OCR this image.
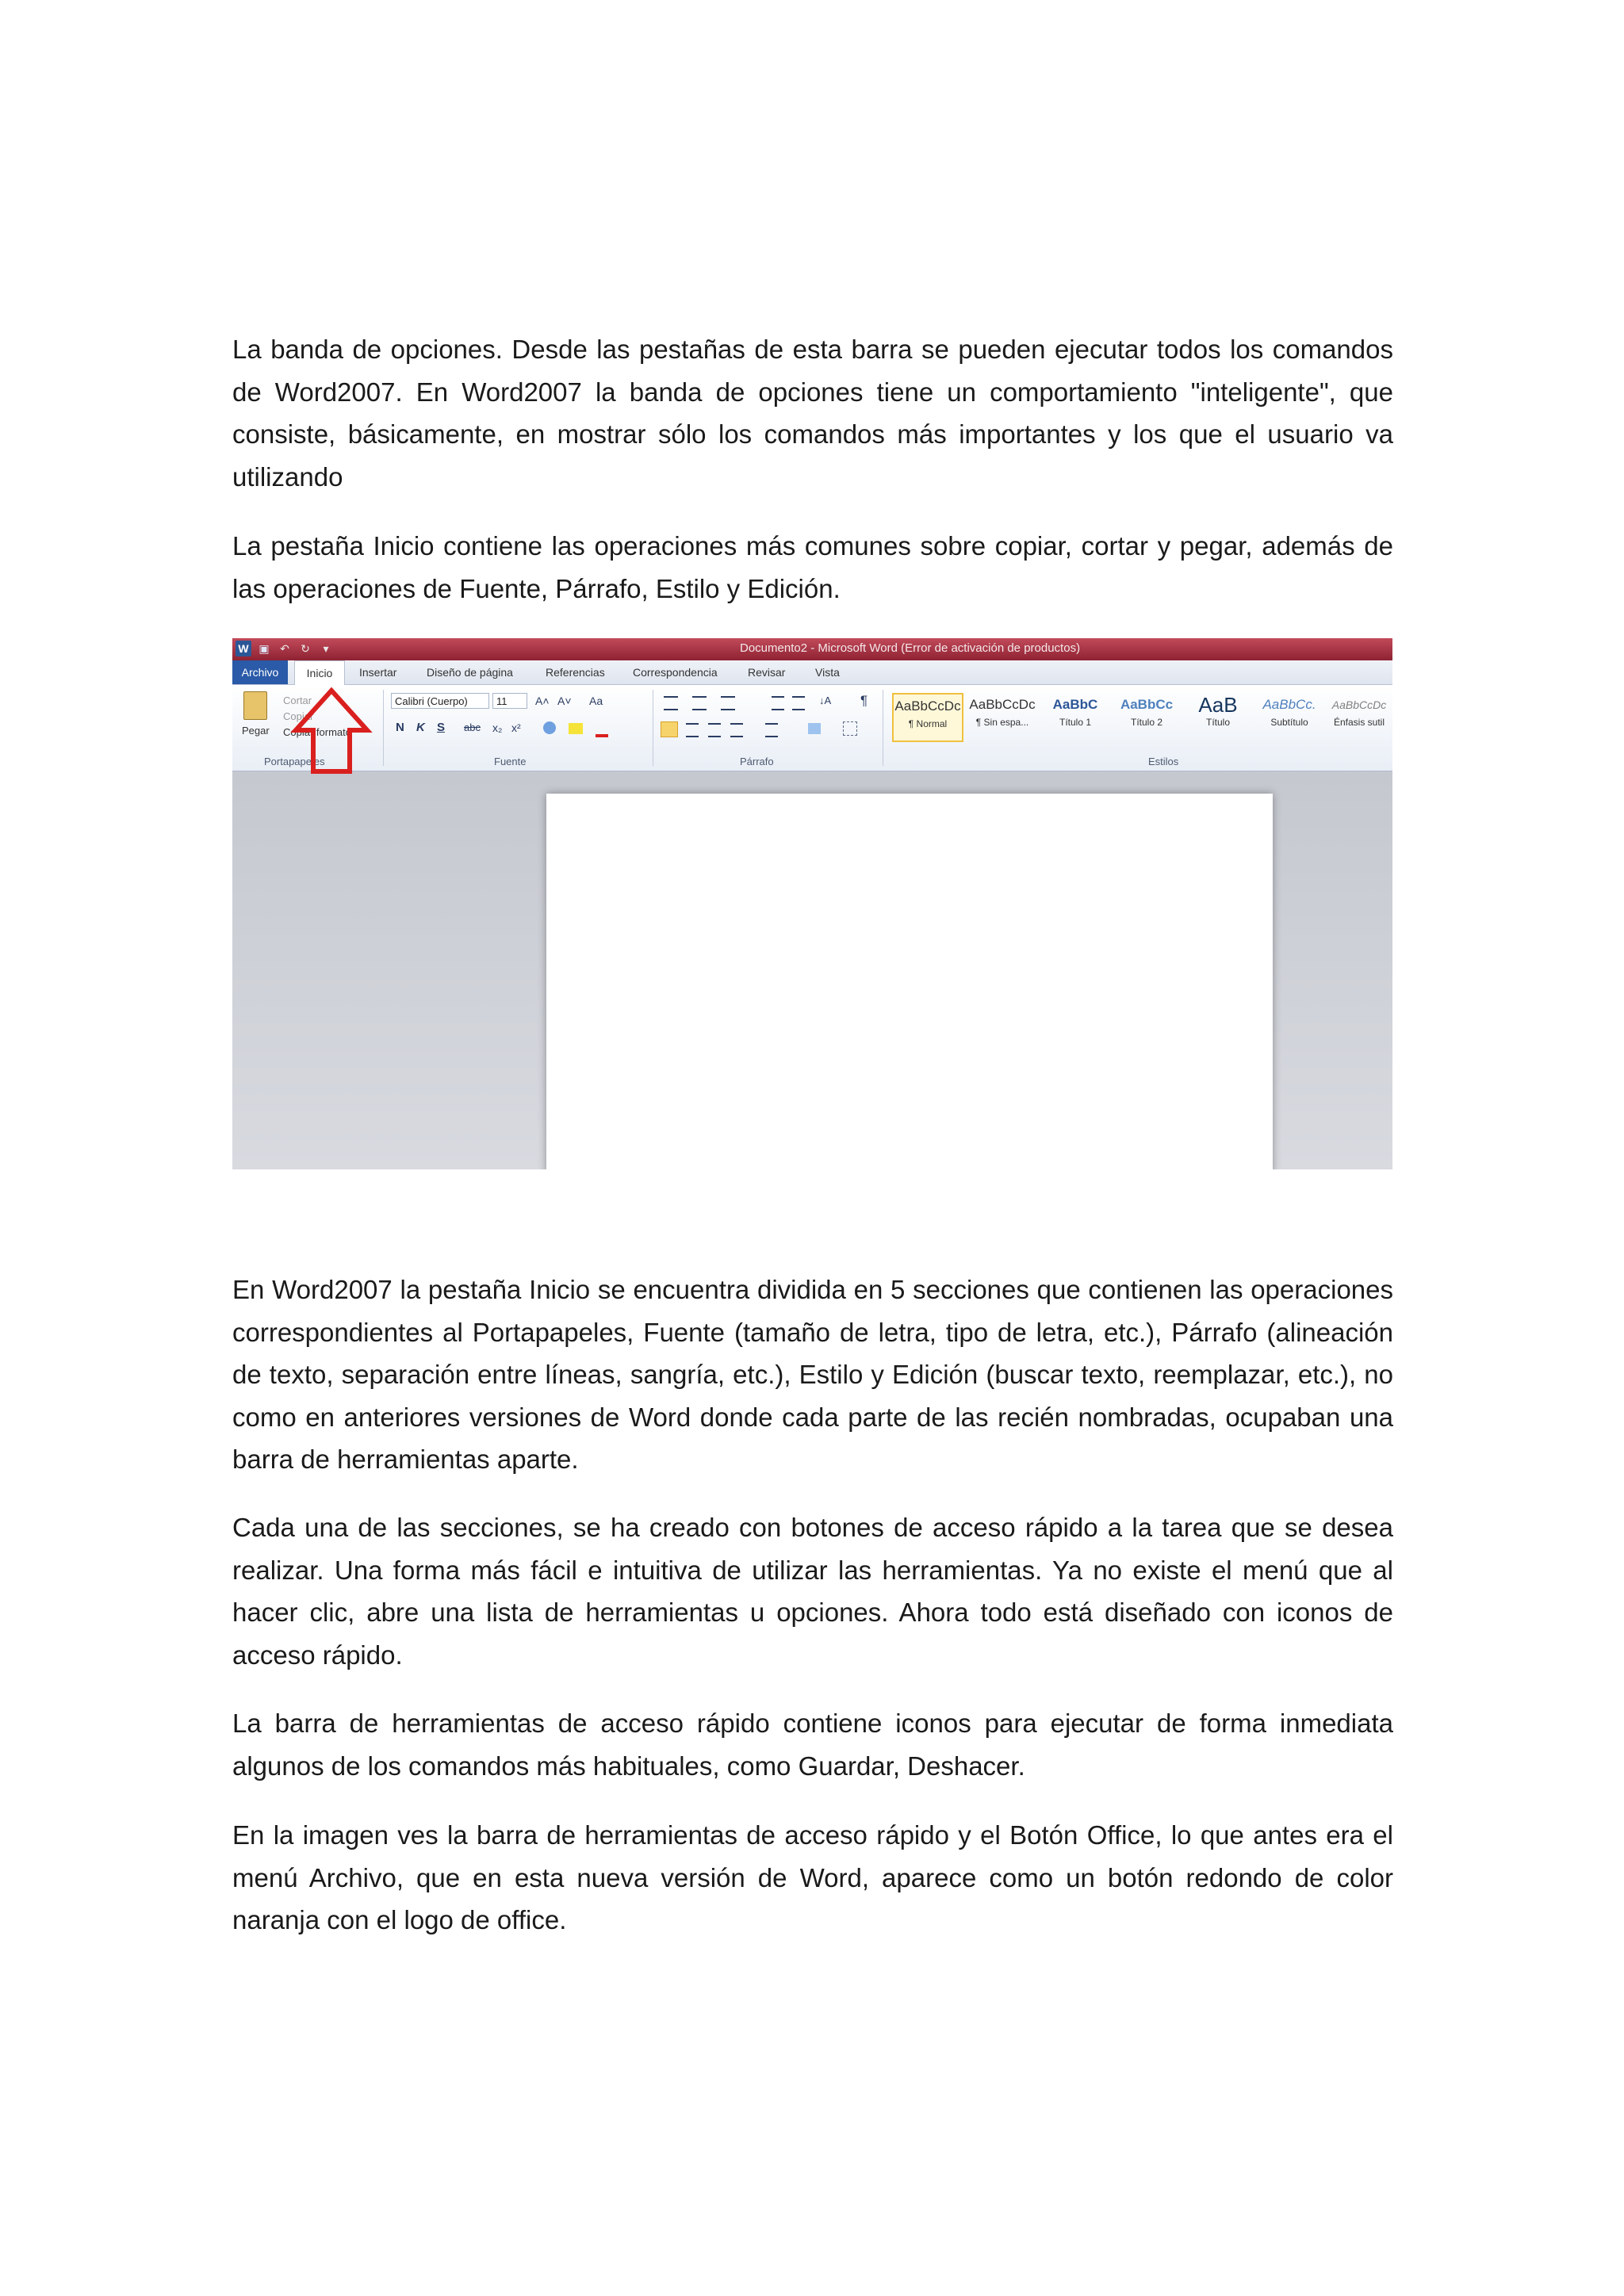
La banda de opciones. Desde las pestañas de esta barra se pueden ejecutar todos los comandos de Word2007. En Word2007 la banda de opciones tiene un comportamiento "inteligente", que consiste, básicamente, en mostrar sólo los comandos más importantes y los que el usuario va utilizando

La pestaña Inicio contiene las operaciones más comunes sobre copiar, cortar y pegar, además de las operaciones de Fuente, Párrafo, Estilo y Edición.

W ▣ ↶ ↻	▾	Documento2 - Microsoft Word (Error de activación de productos)
Archivo	Inicio	Insertar	Diseño de página	Referencias	Correspondencia	Revisar	Vista
Pegar
Cortar
Copiar
Copiar formato
Portapapeles
Calibri (Cuerpo)	11	A˄ A˅ Aa
N K S abc x₂ x²
Fuente
↓A ¶
Párrafo
AaBbCcDc
¶ Normal
AaBbCcDc
¶ Sin espa...
AaBbC
Título 1
AaBbCc
Título 2
AaB
Título
AaBbCc.
Subtítulo
AaBbCcDc
Énfasis sutil
Estilos

En Word2007 la pestaña Inicio se encuentra dividida en 5 secciones que contienen las operaciones correspondientes al Portapapeles, Fuente (tamaño de letra, tipo de letra, etc.), Párrafo (alineación de texto, separación entre líneas, sangría, etc.), Estilo y Edición (buscar texto, reemplazar, etc.), no como en anteriores versiones de Word donde cada parte de las recién nombradas, ocupaban una barra de herramientas aparte.

Cada una de las secciones, se ha creado con botones de acceso rápido a la tarea que se desea realizar. Una forma más fácil e intuitiva de utilizar las herramientas. Ya no existe el menú que al hacer clic, abre una lista de herramientas u opciones. Ahora todo está diseñado con iconos de acceso rápido.

La barra de herramientas de acceso rápido contiene iconos para ejecutar de forma inmediata algunos de los comandos más habituales, como Guardar, Deshacer.

En la imagen ves la barra de herramientas de acceso rápido y el Botón Office, lo que antes era el menú Archivo, que en esta nueva versión de Word, aparece como un botón redondo de color naranja con el logo de office.
